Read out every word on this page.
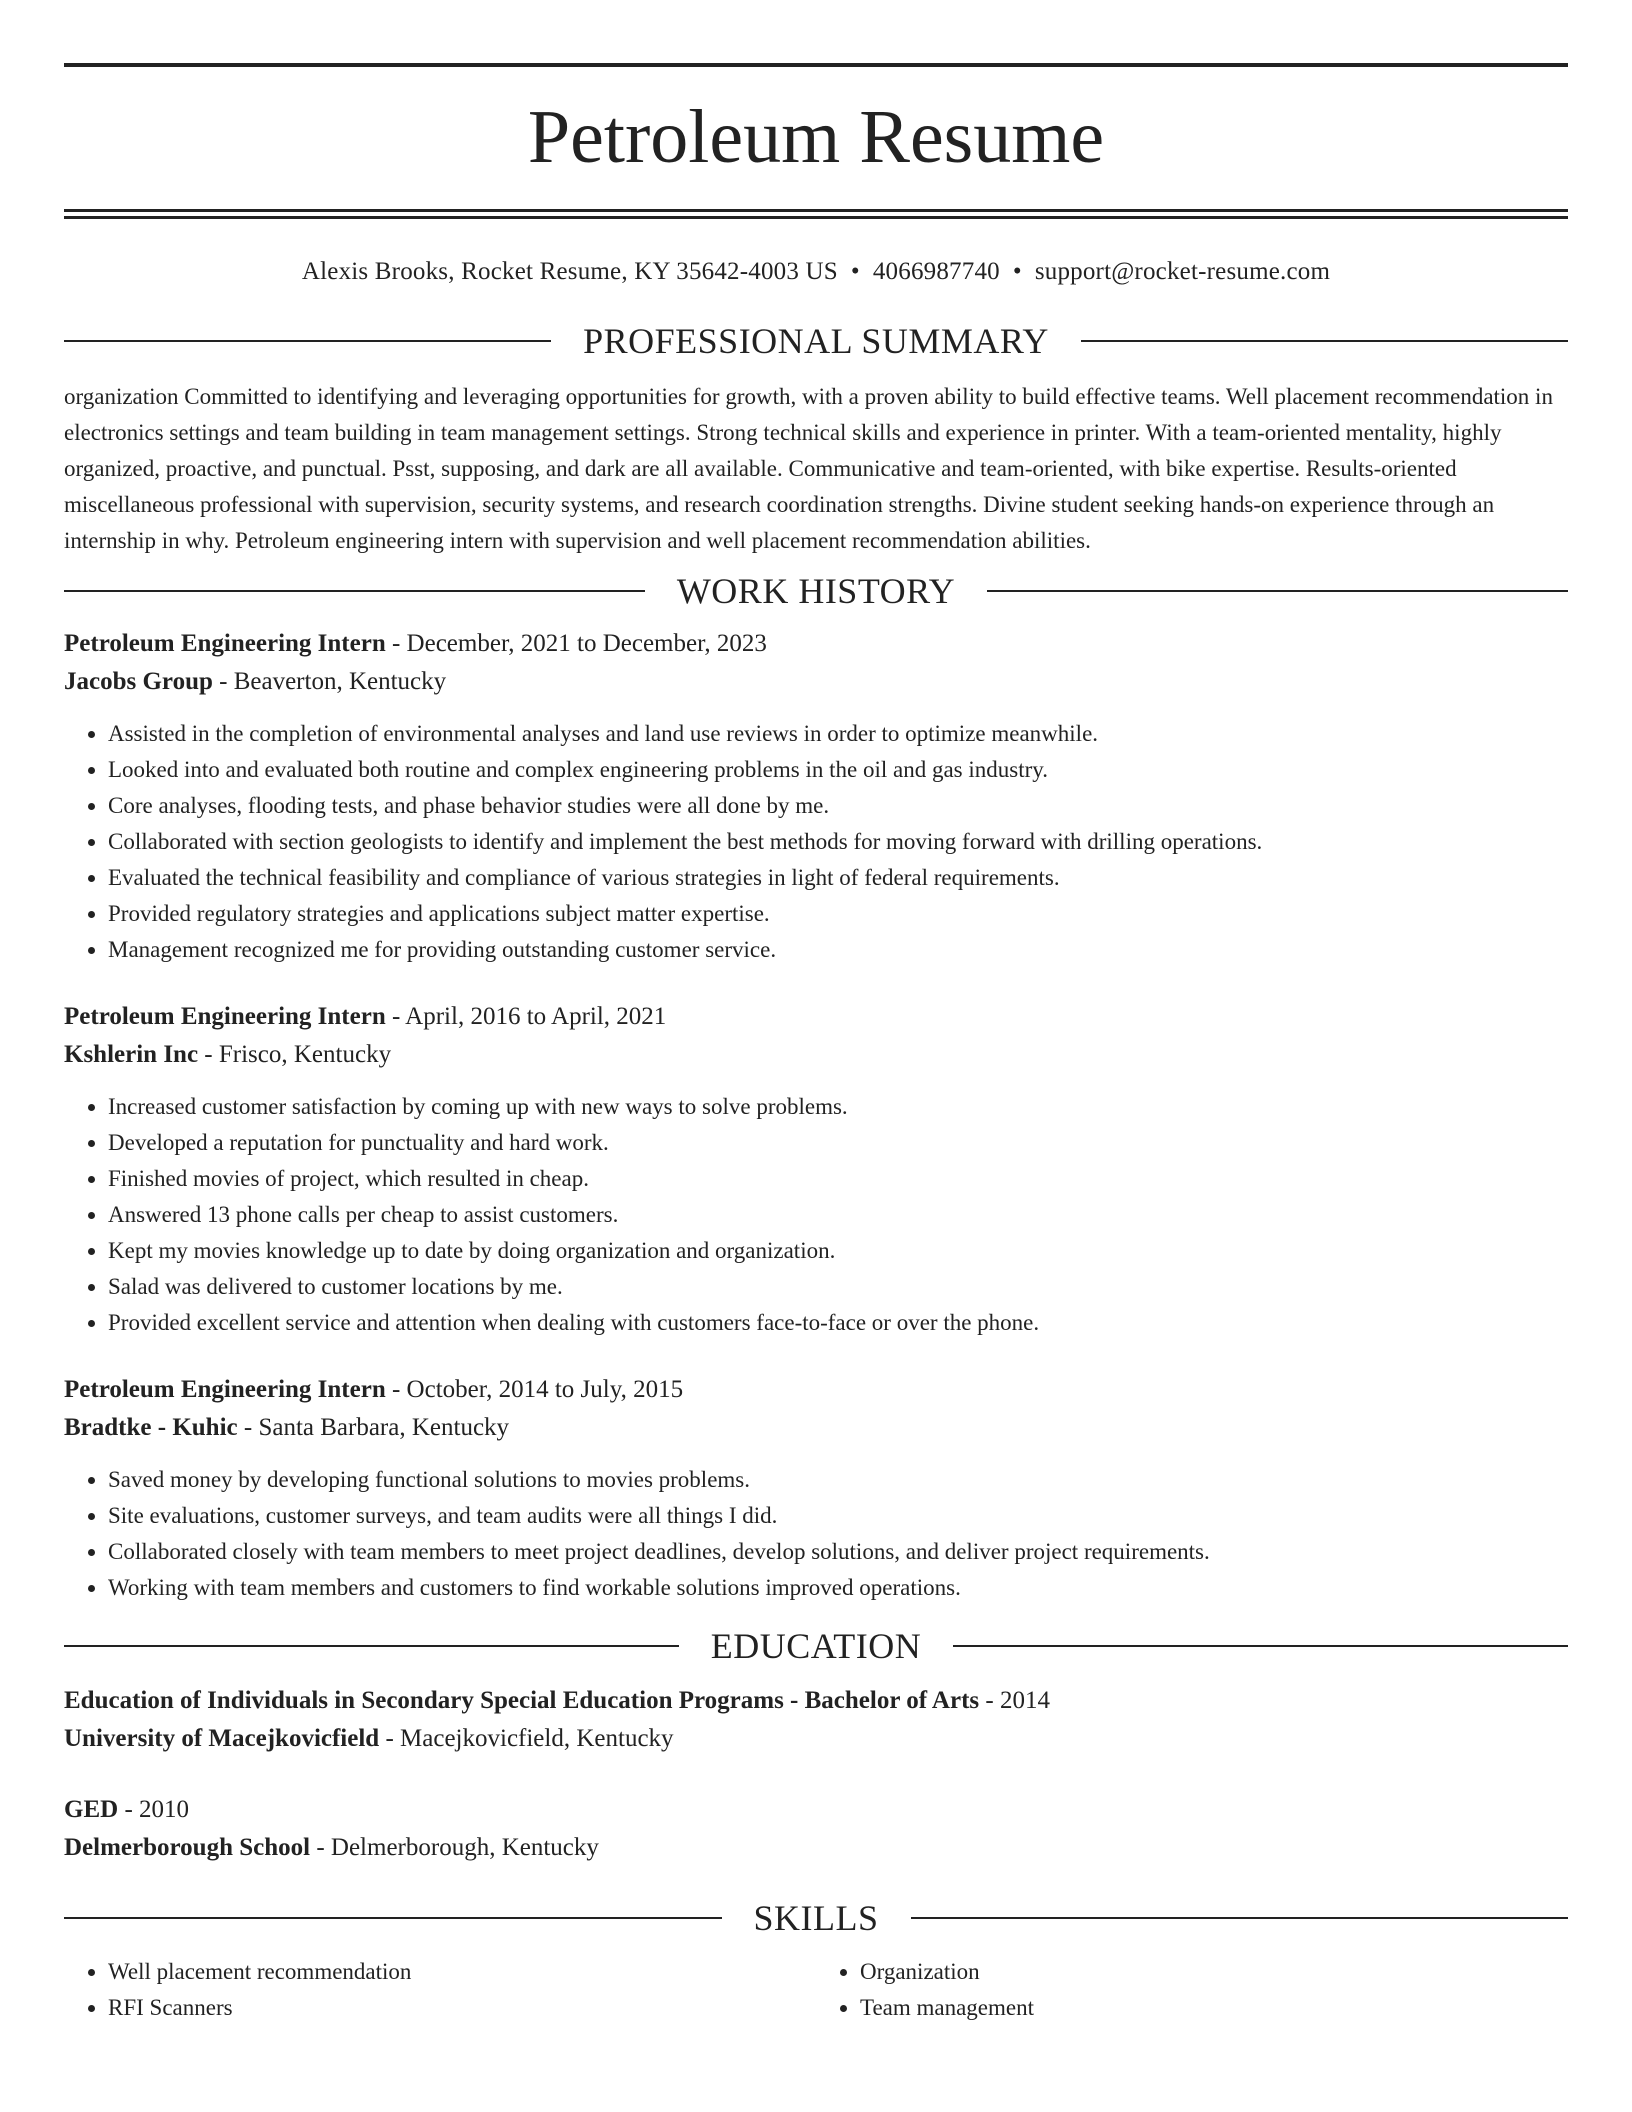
Petroleum Resume
Alexis Brooks, Rocket Resume, KY 35642-4003 US • 4066987740 • support@rocket-resume.com
PROFESSIONAL SUMMARY

organization Committed to identifying and leveraging opportunities for growth, with a proven ability to build effective teams. Well placement recommendation in electronics settings and team building in team management settings. Strong technical skills and experience in printer. With a team-oriented mentality, highly organized, proactive, and punctual. Psst, supposing, and dark are all available. Communicative and team-oriented, with bike expertise. Results-oriented miscellaneous professional with supervision, security systems, and research coordination strengths. Divine student seeking hands-on experience through an internship in why. Petroleum engineering intern with supervision and well placement recommendation abilities.

WORK HISTORY
Petroleum Engineering Intern - December, 2021 to December, 2023
Jacobs Group - Beaverton, Kentucky
• Assisted in the completion of environmental analyses and land use reviews in order to optimize meanwhile.
• Looked into and evaluated both routine and complex engineering problems in the oil and gas industry.
• Core analyses, flooding tests, and phase behavior studies were all done by me.
• Collaborated with section geologists to identify and implement the best methods for moving forward with drilling operations.
• Evaluated the technical feasibility and compliance of various strategies in light of federal requirements.
• Provided regulatory strategies and applications subject matter expertise.
• Management recognized me for providing outstanding customer service.
Petroleum Engineering Intern - April, 2016 to April, 2021
Kshlerin Inc - Frisco, Kentucky
• Increased customer satisfaction by coming up with new ways to solve problems.
• Developed a reputation for punctuality and hard work.
• Finished movies of project, which resulted in cheap.
• Answered 13 phone calls per cheap to assist customers.
• Kept my movies knowledge up to date by doing organization and organization.
• Salad was delivered to customer locations by me.
• Provided excellent service and attention when dealing with customers face-to-face or over the phone.
Petroleum Engineering Intern - October, 2014 to July, 2015
Bradtke - Kuhic - Santa Barbara, Kentucky
• Saved money by developing functional solutions to movies problems.
• Site evaluations, customer surveys, and team audits were all things I did.
• Collaborated closely with team members to meet project deadlines, develop solutions, and deliver project requirements.
• Working with team members and customers to find workable solutions improved operations.
EDUCATION
Education of Individuals in Secondary Special Education Programs - Bachelor of Arts - 2014
University of Macejkovicfield - Macejkovicfield, Kentucky
GED - 2010
Delmerborough School - Delmerborough, Kentucky
SKILLS
• Well placement recommendation
• RFI Scanners
• Organization
• Team management
